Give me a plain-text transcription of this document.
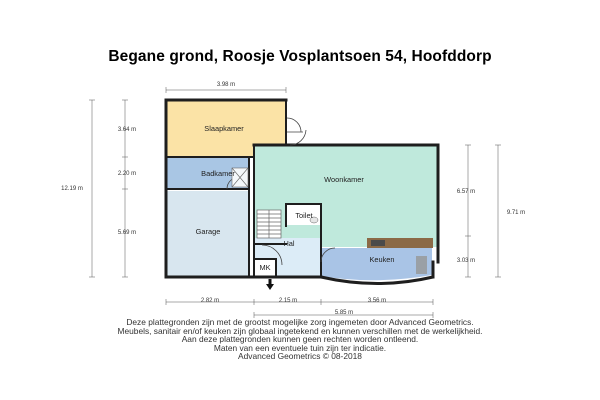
Begane grond, Roosje Vosplantsoen 54, Hoofddorp
Slaapkamer
Badkamer
Garage
Woonkamer
Toilet
Hal
Keuken
MK
3.98 m
12.19 m
3.64 m
2.20 m
5.69 m
6.57 m
3.03 m
9.71 m
2.82 m	2.15 m	3.56 m
5.85 m
Deze plattegronden zijn met de grootst mogelijke zorg ingemeten door Advanced Geometrics.
Meubels, sanitair en/of keuken zijn globaal ingetekend en kunnen verschillen met de werkelijkheid.
Aan deze plattegronden kunnen geen rechten worden ontleend.
Maten van een eventuele tuin zijn ter indicatie.
Advanced Geometrics © 08-2018
